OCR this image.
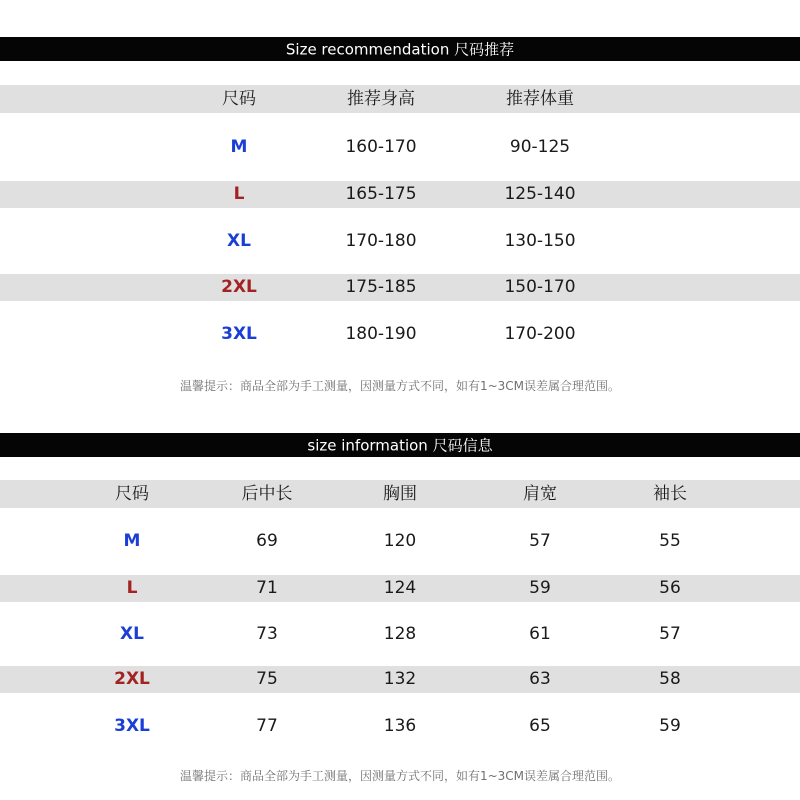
Size recommendation 尺码推荐
尺码	推荐身高	推荐体重
M	160-170	90-125
L	165-175	125-140
XL	170-180	130-150
2XL	175-185	150-170
3XL	180-190	170-200
温馨提示：商品全部为手工测量，因测量方式不同，如有1~3CM误差属合理范围。
size information 尺码信息
尺码	后中长	胸围	肩宽	袖长
M	69	120	57	55
L	71	124	59	56
XL	73	128	61	57
2XL	75	132	63	58
3XL	77	136	65	59
温馨提示：商品全部为手工测量，因测量方式不同，如有1~3CM误差属合理范围。
